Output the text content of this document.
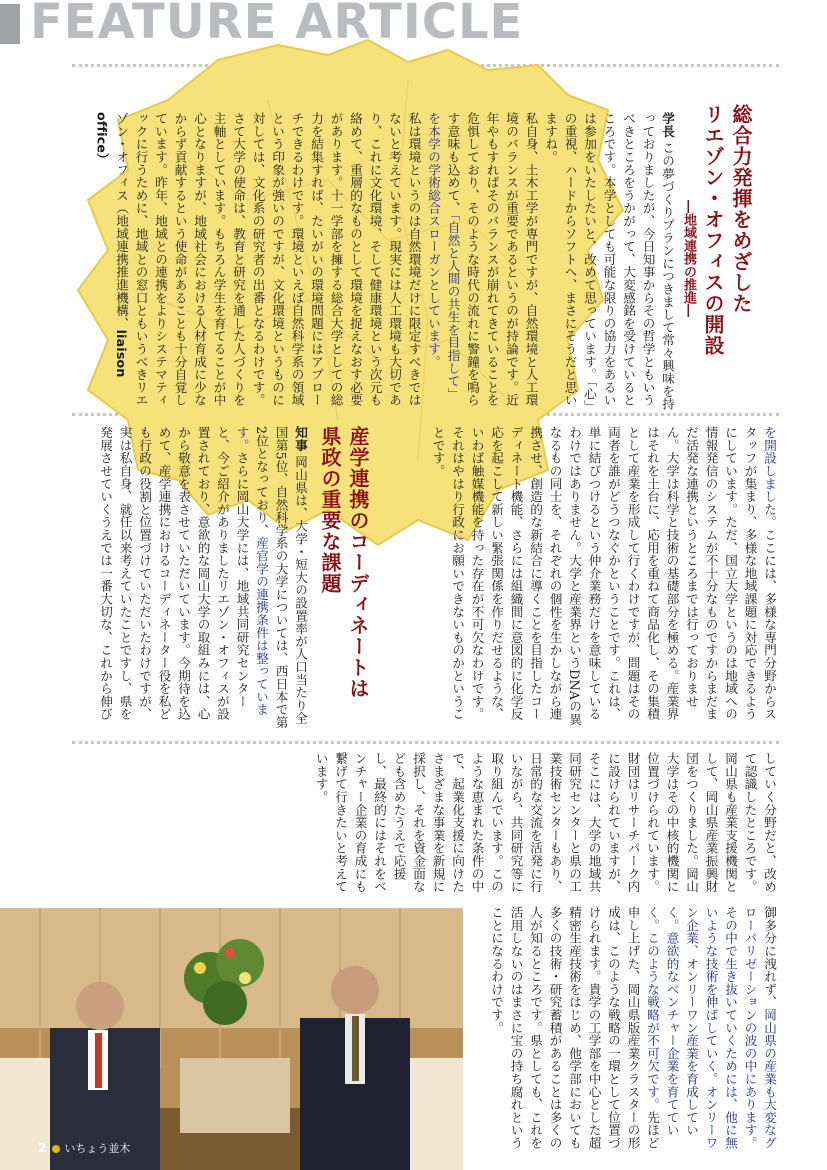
FEATURE ARTICLE
総合力発揮をめざした
リエゾン・オフィスの開設
―地域連携の推進―

学長この夢づくりプランにつきまして常々興味を持っておりましたが、今日知事からその哲学ともいうべきところをうかがって、大変感銘を受けているところです。本学としても可能な限りの協力をあるいは参加をいたしたいと、改めて思っています。「心」の重視、ハードからソフトへ、まさにそうだと思いますね。

私自身、土木工学が専門ですが、自然環境と人工環境のバランスが重要であるというのが持論です。近年やもすればそのバランスが崩れてきていることを危惧しており、そのような時代の流れに警鐘を鳴らす意味も込めて、「自然と人間の共生を目指して」を本学の学術総合スローガンとしています。

私は環境というのは自然環境だけに限定すべきではないと考えています。現実には人工環境も大切であり、これに文化環境、そして健康環境という次元も絡めて、重層的なものとして環境を捉えなおす必要があります。十一学部を擁する総合大学としての総力を結集すれば、たいがいの環境問題にはアプローチできるわけです。環境といえば自然科学系の領域という印象が強いのですが、文化環境というものに対しては、文化系の研究者の出番となるわけです。さて大学の使命は、教育と研究を通した人づくりを主軸としています。もちろん学生を育てることが中心となりますが、地域社会における人材育成に少なからず貢献するという使命があることも十分自覚しています。昨年、地域との連携をよりシステマティックに行うために、地域との窓口ともいうべきリエゾン・オフィス（地域連携推進機構、liaison office）

を開設しました。ここには、多様な専門分野からスタッフが集まり、多様な地域課題に対応できるようにしています。ただ、国立大学というのは地域への情報発信のシステムが不十分なものですからまだまだ活発な連携というところまでは行っておりません。大学は科学と技術の基礎部分を極める。産業界はそれを土台に、応用を重ねて商品化し、その集積として産業を形成して行くわけですが、問題はその両者を誰がどうつなぐかということです。これは、単に結びつけるという仲介業務だけを意味しているわけではありません。大学と産業界というDNAの異なるもの同士を、それぞれの個性を生かしながら連携させ、創造的な新結合に導くことを目指したコーディネート機能、さらには組織間に意図的に化学反応を起こして新しい緊張関係を作りだせるような、いわば触媒機能を持った存在が不可欠なわけです。それはやはり行政にお願いできないものかということです。

産学連携のコーディネートは
県政の重要な課題

知事岡山県は、大学・短大の設置率が人口当たり全国第5位、自然科学系の大学については、西日本で第2位となっており、産官学の連携条件は整っています。さらに岡山大学には、地域共同研究センターと、今ご紹介がありましたリエゾン・オフィスが設置されており、意欲的な岡山大学の取組みには、心から敬意を表させていただいています。今期待を込めて、産学連携におけるコーディネーター役を私ども行政の役割と位置づけていただいたわけですが、実は私自身、就任以来考えていたことですし、県を発展させていくうえでは一番大切な、これから伸び

していく分野だと、改めて認識したところです。岡山県も産業支援機関として、岡山県産業振興財団をつくりました。岡山大学はその中核的機関に位置づけられています。財団はリサーチパーク内に設けられていますが、そこには、大学の地域共同研究センターと県の工業技術センターもあり、日常的な交流を活発に行いながら、共同研究等に取り組んでいます。このような恵まれた条件の中で、起業化支援に向けたさまざまな事業を新規に採択し、それを資金面なども含めたうえで応援し、最終的にはそれをベンチャー企業の育成にも繋げて行きたいと考えています。

御多分に洩れず、岡山県の産業も大変なグローバリゼーションの波の中にあります。その中で生き抜いていくためには、他に無いような技術を伸ばしていく。オンリーワン企業、オンリーワン産業を育成していく。意欲的なベンチャー企業を育てていく。このような戦略が不可欠です。先ほど申し上げた、岡山県版産業クラスターの形成は、このような戦略の一環として位置づけられます。貴学の工学部を中心とした超精密生産技術をはじめ、他学部においても多くの技術・研究蓄積があることは多くの人が知るところです。県としても、これを活用しないのはまさに宝の持ち腐れということになるわけです。

2 いちょう並木
